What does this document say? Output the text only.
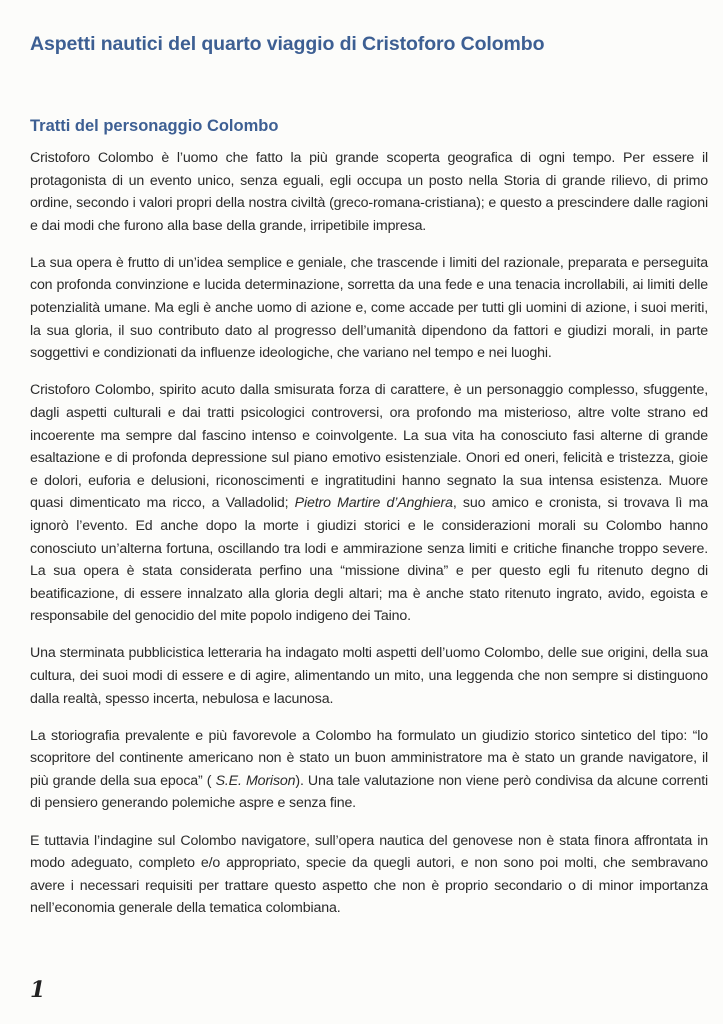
Aspetti nautici del quarto viaggio di Cristoforo Colombo
Tratti del personaggio Colombo

Cristoforo Colombo è l’uomo che fatto la più grande scoperta geografica di ogni tempo. Per essere il protagonista di un evento unico, senza eguali, egli occupa un posto nella Storia di grande rilievo, di primo ordine, secondo i valori propri della nostra civiltà (greco-romana-cristiana); e questo a prescindere dalle ragioni e dai modi che furono alla base della grande, irripetibile impresa.

La sua opera è frutto di un’idea semplice e geniale, che trascende i limiti del razionale, preparata e perseguita con profonda convinzione e lucida determinazione, sorretta da una fede e una tenacia incrollabili, ai limiti delle potenzialità umane. Ma egli è anche uomo di azione e, come accade per tutti gli uomini di azione, i suoi meriti, la sua gloria, il suo contributo dato al progresso dell’umanità dipendono da fattori e giudizi morali, in parte soggettivi e condizionati da influenze ideologiche, che variano nel tempo e nei luoghi.

Cristoforo Colombo, spirito acuto dalla smisurata forza di carattere, è un personaggio complesso, sfuggente, dagli aspetti culturali e dai tratti psicologici controversi, ora profondo ma misterioso, altre volte strano ed incoerente ma sempre dal fascino intenso e coinvolgente. La sua vita ha conosciuto fasi alterne di grande esaltazione e di profonda depressione sul piano emotivo esistenziale. Onori ed oneri, felicità e tristezza, gioie e dolori, euforia e delusioni, riconoscimenti e ingratitudini hanno segnato la sua intensa esistenza. Muore quasi dimenticato ma ricco, a Valladolid; Pietro Martire d’Anghiera, suo amico e cronista, si trovava lì ma ignorò l’evento. Ed anche dopo la morte i giudizi storici e le considerazioni morali su Colombo hanno conosciuto un’alterna fortuna, oscillando tra lodi e ammirazione senza limiti e critiche finanche troppo severe. La sua opera è stata considerata perfino una “missione divina” e per questo egli fu ritenuto degno di beatificazione, di essere innalzato alla gloria degli altari; ma è anche stato ritenuto ingrato, avido, egoista e responsabile del genocidio del mite popolo indigeno dei Taino.

Una sterminata pubblicistica letteraria ha indagato molti aspetti dell’uomo Colombo, delle sue origini, della sua cultura, dei suoi modi di essere e di agire, alimentando un mito, una leggenda che non sempre si distinguono dalla realtà, spesso incerta, nebulosa e lacunosa.

La storiografia prevalente e più favorevole a Colombo ha formulato un giudizio storico sintetico del tipo: “lo scopritore del continente americano non è stato un buon amministratore ma è stato un grande navigatore, il più grande della sua epoca” ( S.E. Morison). Una tale valutazione non viene però condivisa da alcune correnti di pensiero generando polemiche aspre e senza fine.

E tuttavia l’indagine sul Colombo navigatore, sull’opera nautica del genovese non è stata finora affrontata in modo adeguato, completo e/o appropriato, specie da quegli autori, e non sono poi molti, che sembravano avere i necessari requisiti per trattare questo aspetto che non è proprio secondario o di minor importanza nell’economia generale della tematica colombiana.

1
